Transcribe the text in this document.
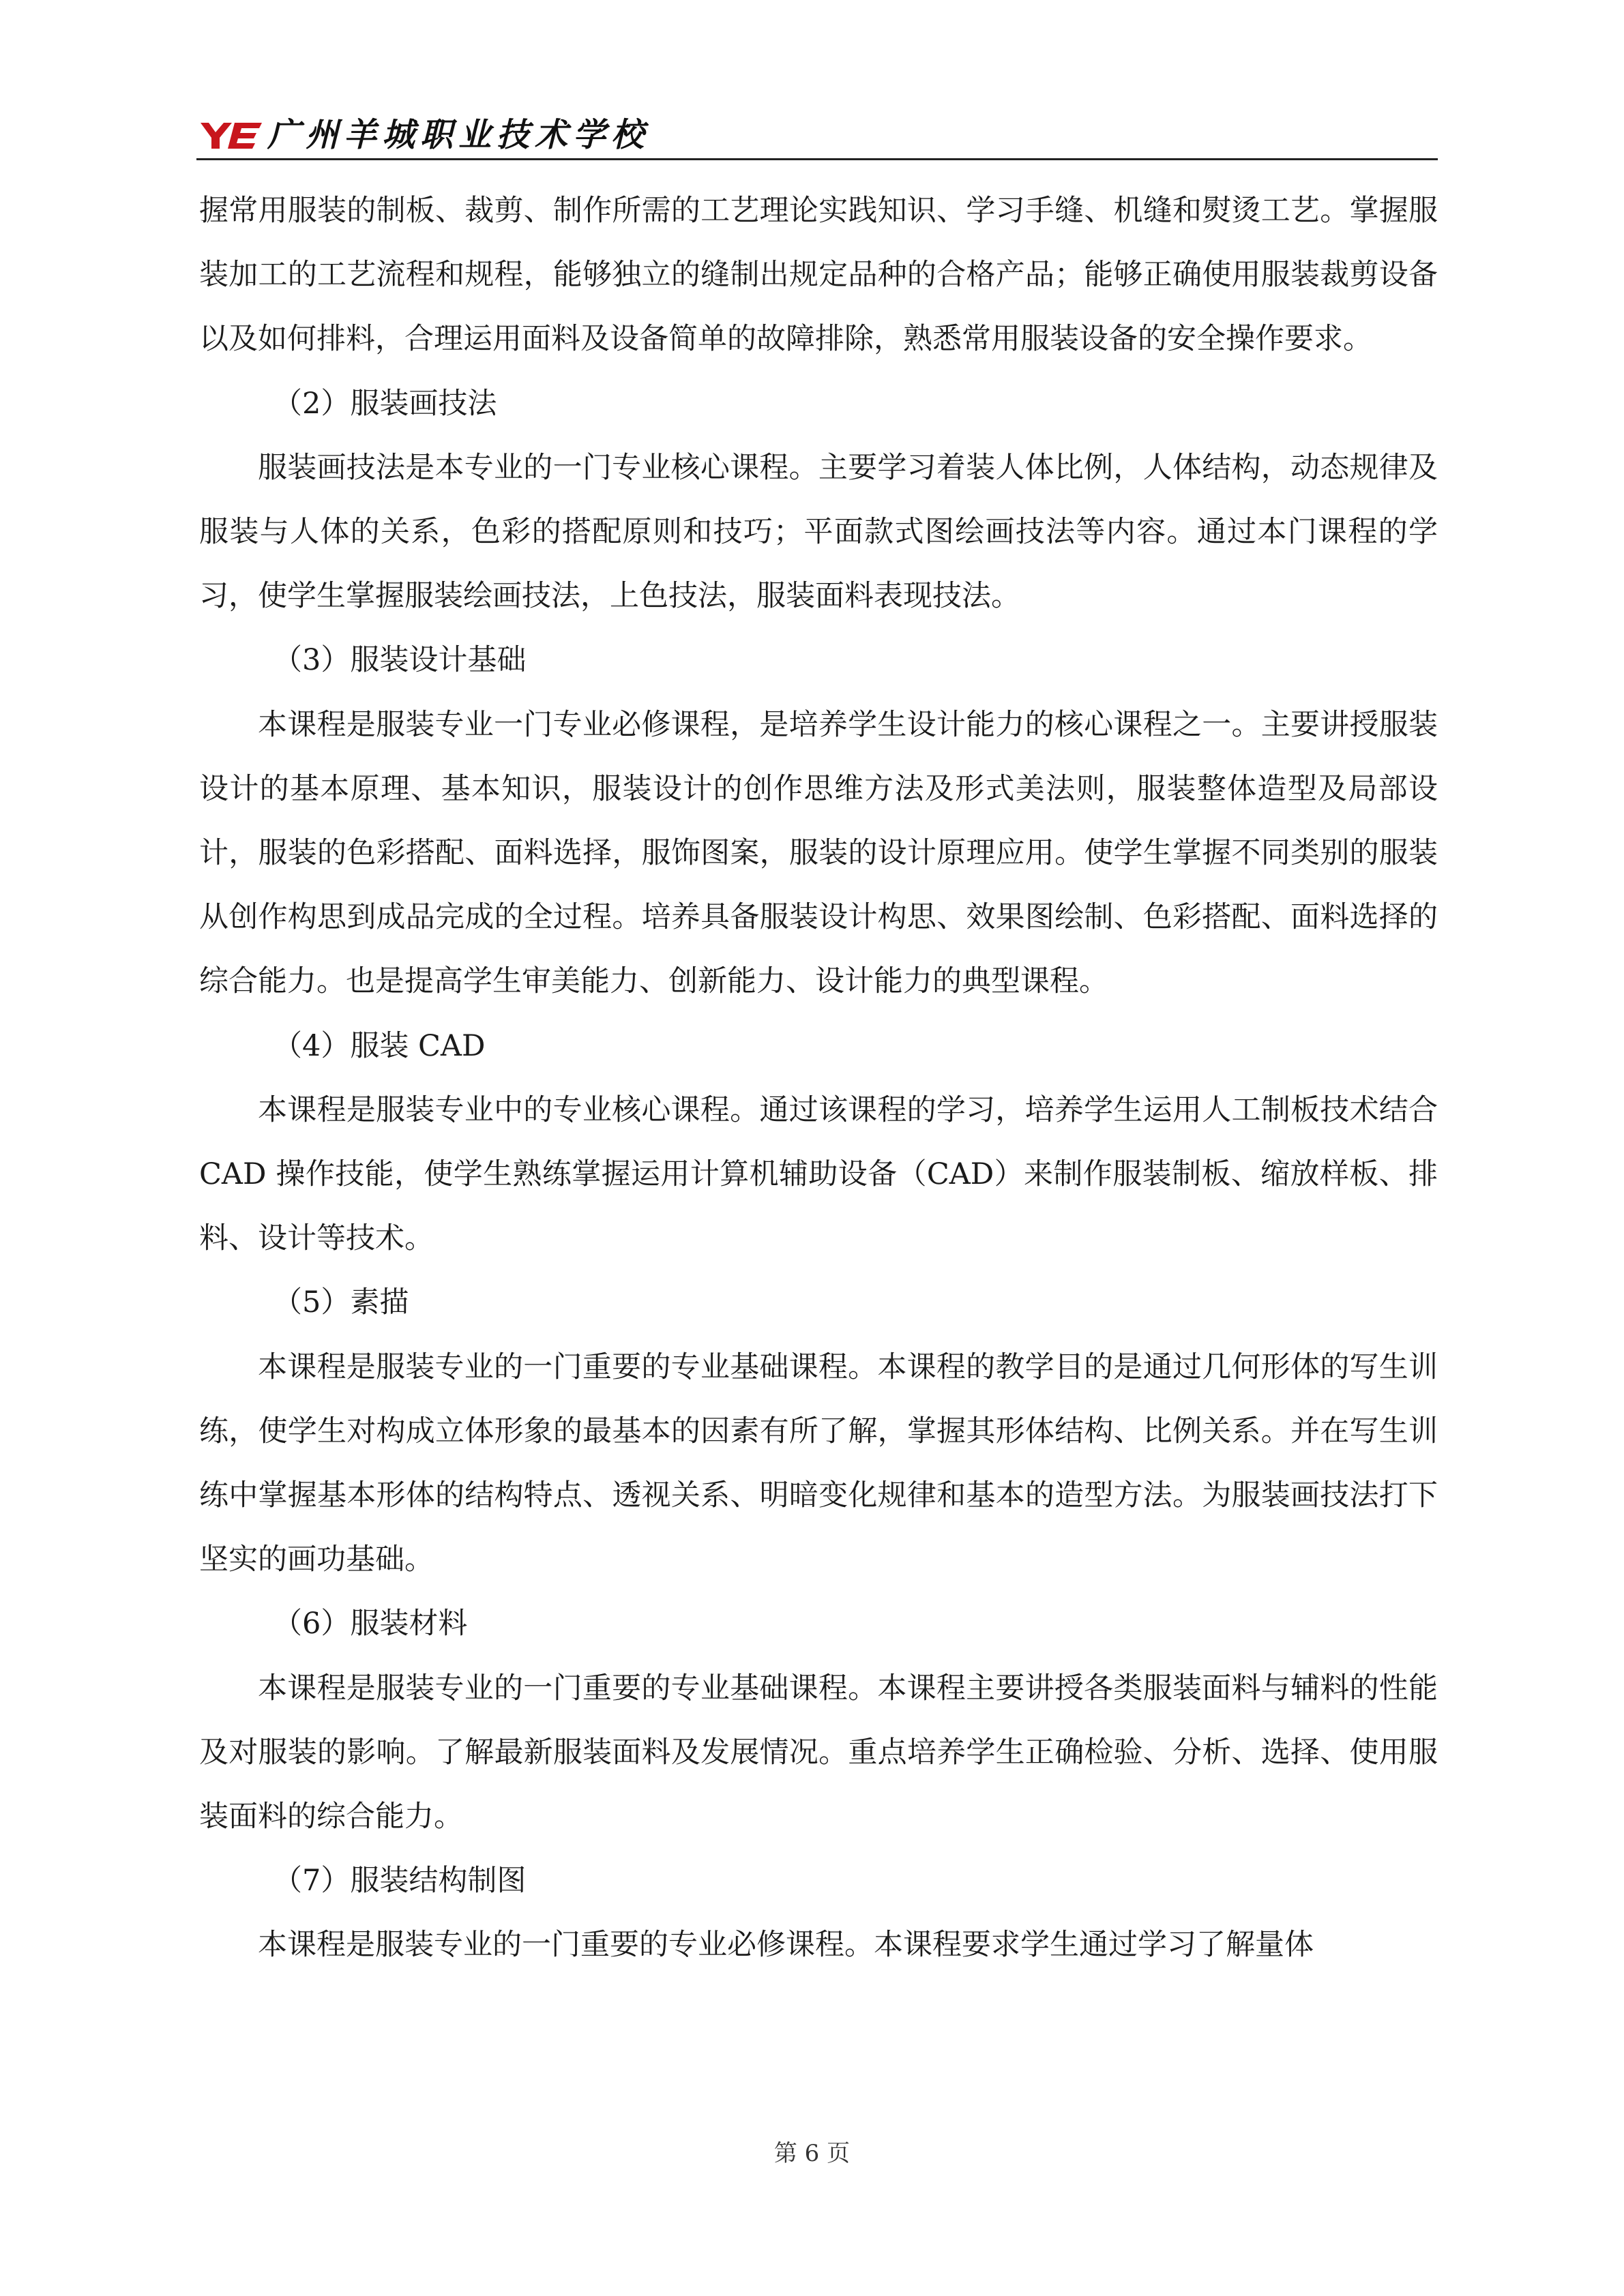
广州羊城职业技术学校

握常用服装的制板、裁剪、制作所需的工艺理论实践知识、学习手缝、机缝和熨烫工艺。掌握服装加工的工艺流程和规程，能够独立的缝制出规定品种的合格产品；能够正确使用服装裁剪设备以及如何排料，合理运用面料及设备简单的故障排除，熟悉常用服装设备的安全操作要求。

（2）服装画技法

服装画技法是本专业的一门专业核心课程。主要学习着装人体比例，人体结构，动态规律及服装与人体的关系，色彩的搭配原则和技巧；平面款式图绘画技法等内容。通过本门课程的学习，使学生掌握服装绘画技法，上色技法，服装面料表现技法。

（3）服装设计基础

本课程是服装专业一门专业必修课程，是培养学生设计能力的核心课程之一。主要讲授服装设计的基本原理、基本知识，服装设计的创作思维方法及形式美法则，服装整体造型及局部设计，服装的色彩搭配、面料选择，服饰图案，服装的设计原理应用。使学生掌握不同类别的服装从创作构思到成品完成的全过程。培养具备服装设计构思、效果图绘制、色彩搭配、面料选择的综合能力。也是提高学生审美能力、创新能力、设计能力的典型课程。

（4）服装 CAD

本课程是服装专业中的专业核心课程。通过该课程的学习，培养学生运用人工制板技术结合 CAD 操作技能，使学生熟练掌握运用计算机辅助设备（CAD）来制作服装制板、缩放样板、排料、设计等技术。

（5）素描

本课程是服装专业的一门重要的专业基础课程。本课程的教学目的是通过几何形体的写生训练，使学生对构成立体形象的最基本的因素有所了解，掌握其形体结构、比例关系。并在写生训练中掌握基本形体的结构特点、透视关系、明暗变化规律和基本的造型方法。为服装画技法打下坚实的画功基础。

（6）服装材料

本课程是服装专业的一门重要的专业基础课程。本课程主要讲授各类服装面料与辅料的性能及对服装的影响。了解最新服装面料及发展情况。重点培养学生正确检验、分析、选择、使用服装面料的综合能力。

（7）服装结构制图

本课程是服装专业的一门重要的专业必修课程。本课程要求学生通过学习了解量体

第 6 页
